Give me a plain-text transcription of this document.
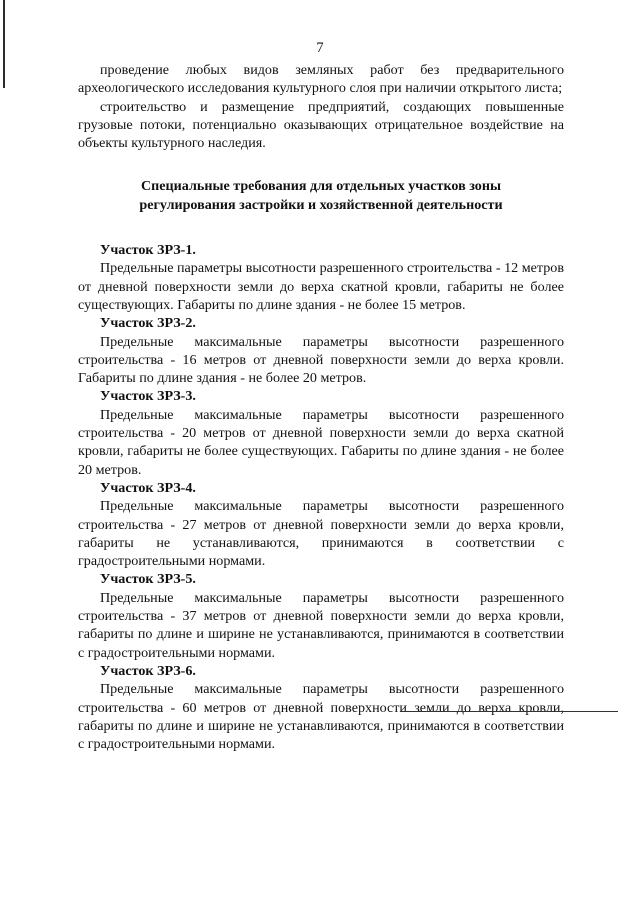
7

проведение любых видов земляных работ без предварительного археологического исследования культурного слоя при наличии открытого листа;

строительство и размещение предприятий, создающих повышенные грузовые потоки, потенциально оказывающих отрицательное воздействие на объекты культурного наследия.

Специальные требования для отдельных участков зоны
регулирования застройки и хозяйственной деятельности
Участок ЗРЗ-1.

Предельные параметры высотности разрешенного строительства - 12 метров от дневной поверхности земли до верха скатной кровли, габариты не более существующих. Габариты по длине здания - не более 15 метров.

Участок ЗРЗ-2.

Предельные максимальные параметры высотности разрешенного строительства - 16 метров от дневной поверхности земли до верха кровли. Габариты по длине здания - не более 20 метров.

Участок ЗРЗ-3.

Предельные максимальные параметры высотности разрешенного строительства - 20 метров от дневной поверхности земли до верха скатной кровли, габариты не более существующих. Габариты по длине здания - не более 20 метров.

Участок ЗРЗ-4.

Предельные максимальные параметры высотности разрешенного строительства - 27 метров от дневной поверхности земли до верха кровли, габариты не устанавливаются, принимаются в соответствии с градостроительными нормами.

Участок ЗРЗ-5.

Предельные максимальные параметры высотности разрешенного строительства - 37 метров от дневной поверхности земли до верха кровли, габариты по длине и ширине не устанавливаются, принимаются в соответствии с градостроительными нормами.

Участок ЗРЗ-6.

Предельные максимальные параметры высотности разрешенного строительства - 60 метров от дневной поверхности земли до верха кровли, габариты по длине и ширине не устанавливаются, принимаются в соответствии с градостроительными нормами.
